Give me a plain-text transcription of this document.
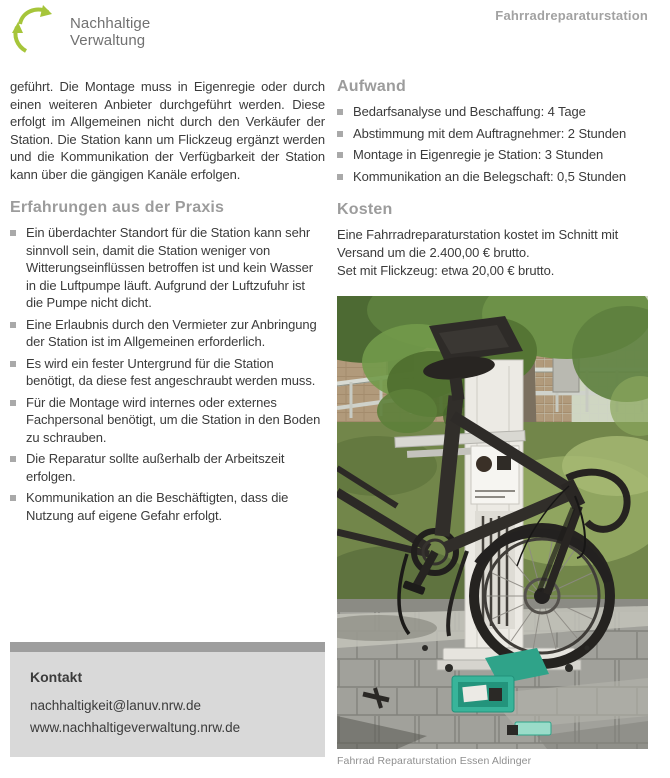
Nachhaltige
Verwaltung
Fahrradreparaturstation

geführt. Die Montage muss in Eigenregie oder durch einen weiteren Anbieter durchgeführt werden. Diese erfolgt im Allgemeinen nicht durch den Verkäufer der Station. Die Station kann um Flickzeug ergänzt werden und die Kommunikation der Verfügbarkeit der Station kann über die gängigen Kanäle erfolgen.

Erfahrungen aus der Praxis
Ein überdachter Standort für die Station kann sehr sinnvoll sein, damit die Station weniger von Witterungseinflüssen betroffen ist und kein Wasser in die Luftpumpe läuft. Aufgrund der Luftzufuhr ist die Pumpe nicht dicht.
Eine Erlaubnis durch den Vermieter zur Anbringung der Station ist im Allgemeinen erforderlich.
Es wird ein fester Untergrund für die Station benötigt, da diese fest angeschraubt werden muss.
Für die Montage wird internes oder externes Fachpersonal benötigt, um die Station in den Boden zu schrauben.
Die Reparatur sollte außerhalb der Arbeitszeit erfolgen.
Kommunikation an die Beschäftigten, dass die Nutzung auf eigene Gefahr erfolgt.
Kontakt
nachhaltigkeit@lanuv.nrw.de
www.nachhaltigeverwaltung.nrw.de
Aufwand
Bedarfsanalyse und Beschaffung: 4 Tage
Abstimmung mit dem Auftragnehmer: 2 Stunden
Montage in Eigenregie je Station: 3 Stunden
Kommunikation an die Belegschaft: 0,5 Stunden
Kosten

Eine Fahrradreparaturstation kostet im Schnitt mit Versand um die 2.400,00 € brutto.

Set mit Flickzeug: etwa 20,00 € brutto.

Fahrrad Reparaturstation Essen Aldinger
